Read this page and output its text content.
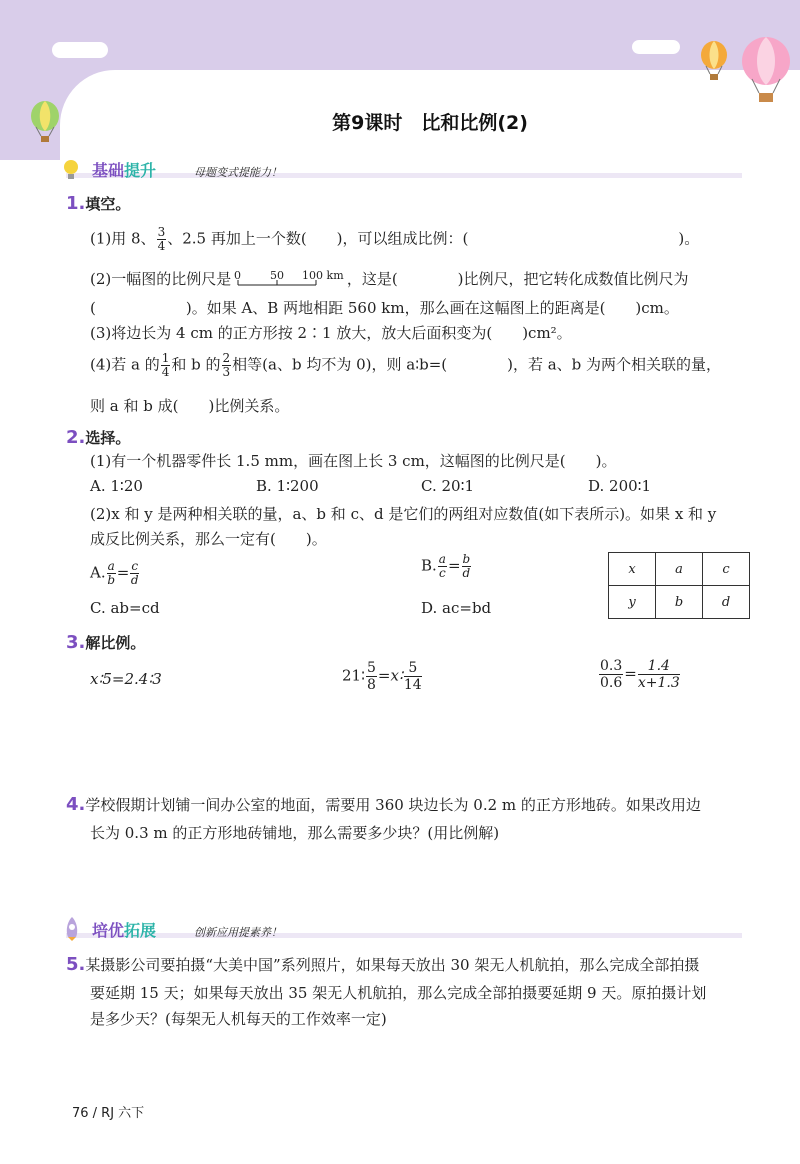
第9课时　比和比例(2)
基础提升	母题变式提能力！
1.填空。
(1)用 8、 $\frac{3}{4}$ 、2.5 再加上一个数(　　)，可以组成比例：(　　　　　　　　　　　　　　)。
(2)一幅图的比例尺是 0	50 100 km ，这是(　　　　)比例尺，把它转化成数值比例尺为
(　　　　　　)。如果 A、B 两地相距 560 km，那么画在这幅图上的距离是(　　)cm。
(3)将边长为 4 cm 的正方形按 2∶1 放大，放大后面积变为(　　)cm²。
(4)若 a 的 $\frac{1}{4}$ 和 b 的 $\frac{2}{3}$ 相等(a、b 均不为 0)，则 a∶b=(　　　　)，若 a、b 为两个相关联的量，
则 a 和 b 成(　　)比例关系。
2.选择。
(1)有一个机器零件长 1.5 mm，画在图上长 3 cm，这幅图的比例尺是(　　)。
A. 1∶20	B. 1∶200	C. 20∶1	D. 200∶1
(2)x 和 y 是两种相关联的量，a、b 和 c、d 是它们的两组对应数值(如下表所示)。如果 x 和 y
成反比例关系，那么一定有(　　)。
A. $\frac{a}{b} = \frac{c}{d}$	B. $\frac{a}{c} = \frac{b}{d}$
C. ab=cd	D. ac=bd
x	a	c
y	b	d
3.解比例。
x∶5=2.4∶3	21∶ $\frac{5}{8}$ =x∶ $\frac{5}{14}$	$\frac{0.3}{0.6} = \frac{1.4}{x+1.3}$
4.学校假期计划铺一间办公室的地面，需要用 360 块边长为 0.2 m 的正方形地砖。如果改用边
长为 0.3 m 的正方形地砖铺地，那么需要多少块？(用比例解)
培优拓展	创新应用提素养！
5.某摄影公司要拍摄“大美中国”系列照片，如果每天放出 30 架无人机航拍，那么完成全部拍摄
要延期 15 天；如果每天放出 35 架无人机航拍，那么完成全部拍摄要延期 9 天。原拍摄计划
是多少天？(每架无人机每天的工作效率一定)
76 / RJ 六下
